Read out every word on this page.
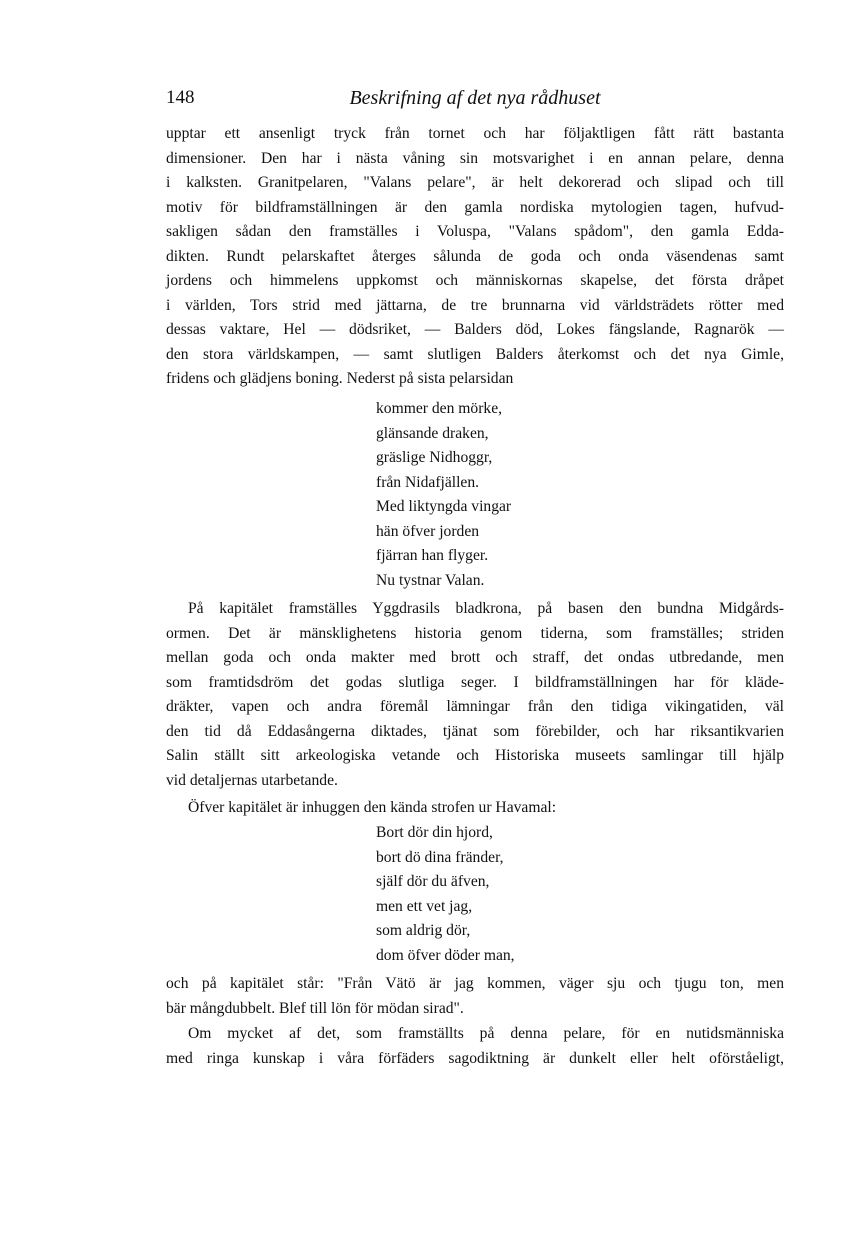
148	Beskrifning af det nya rådhuset
upptar ett ansenligt tryck från tornet och har följaktligen fått rätt bastanta
dimensioner. Den har i nästa våning sin motsvarighet i en annan pelare, denna
i kalksten. Granitpelaren, "Valans pelare", är helt dekorerad och slipad och till
motiv för bildframställningen är den gamla nordiska mytologien tagen, hufvud-
sakligen sådan den framställes i Voluspa, "Valans spådom", den gamla Edda-
dikten. Rundt pelarskaftet återges sålunda de goda och onda väsendenas samt
jordens och himmelens uppkomst och människornas skapelse, det första dråpet
i världen, Tors strid med jättarna, de tre brunnarna vid världsträdets rötter med
dessas vaktare, Hel — dödsriket, — Balders död, Lokes fängslande, Ragnarök —
den stora världskampen, — samt slutligen Balders återkomst och det nya Gimle,
fridens och glädjens boning. Nederst på sista pelarsidan
kommer den mörke,
glänsande draken,
gräslige Nidhoggr,
från Nidafjällen.
Med liktyngda vingar
hän öfver jorden
fjärran han flyger.
Nu tystnar Valan.
På kapitälet framställes Yggdrasils bladkrona, på basen den bundna Midgårds-
ormen. Det är mänsklighetens historia genom tiderna, som framställes; striden
mellan goda och onda makter med brott och straff, det ondas utbredande, men
som framtidsdröm det godas slutliga seger. I bildframställningen har för kläde-
dräkter, vapen och andra föremål lämningar från den tidiga vikingatiden, väl
den tid då Eddasångerna diktades, tjänat som förebilder, och har riksantikvarien
Salin ställt sitt arkeologiska vetande och Historiska museets samlingar till hjälp
vid detaljernas utarbetande.
Öfver kapitälet är inhuggen den kända strofen ur Havamal:
Bort dör din hjord,
bort dö dina fränder,
själf dör du äfven,
men ett vet jag,
som aldrig dör,
dom öfver döder man,
och på kapitälet står: "Från Vätö är jag kommen, väger sju och tjugu ton, men
bär mångdubbelt. Blef till lön för mödan sirad".
Om mycket af det, som framställts på denna pelare, för en nutidsmänniska
med ringa kunskap i våra förfäders sagodiktning är dunkelt eller helt oförståeligt,
